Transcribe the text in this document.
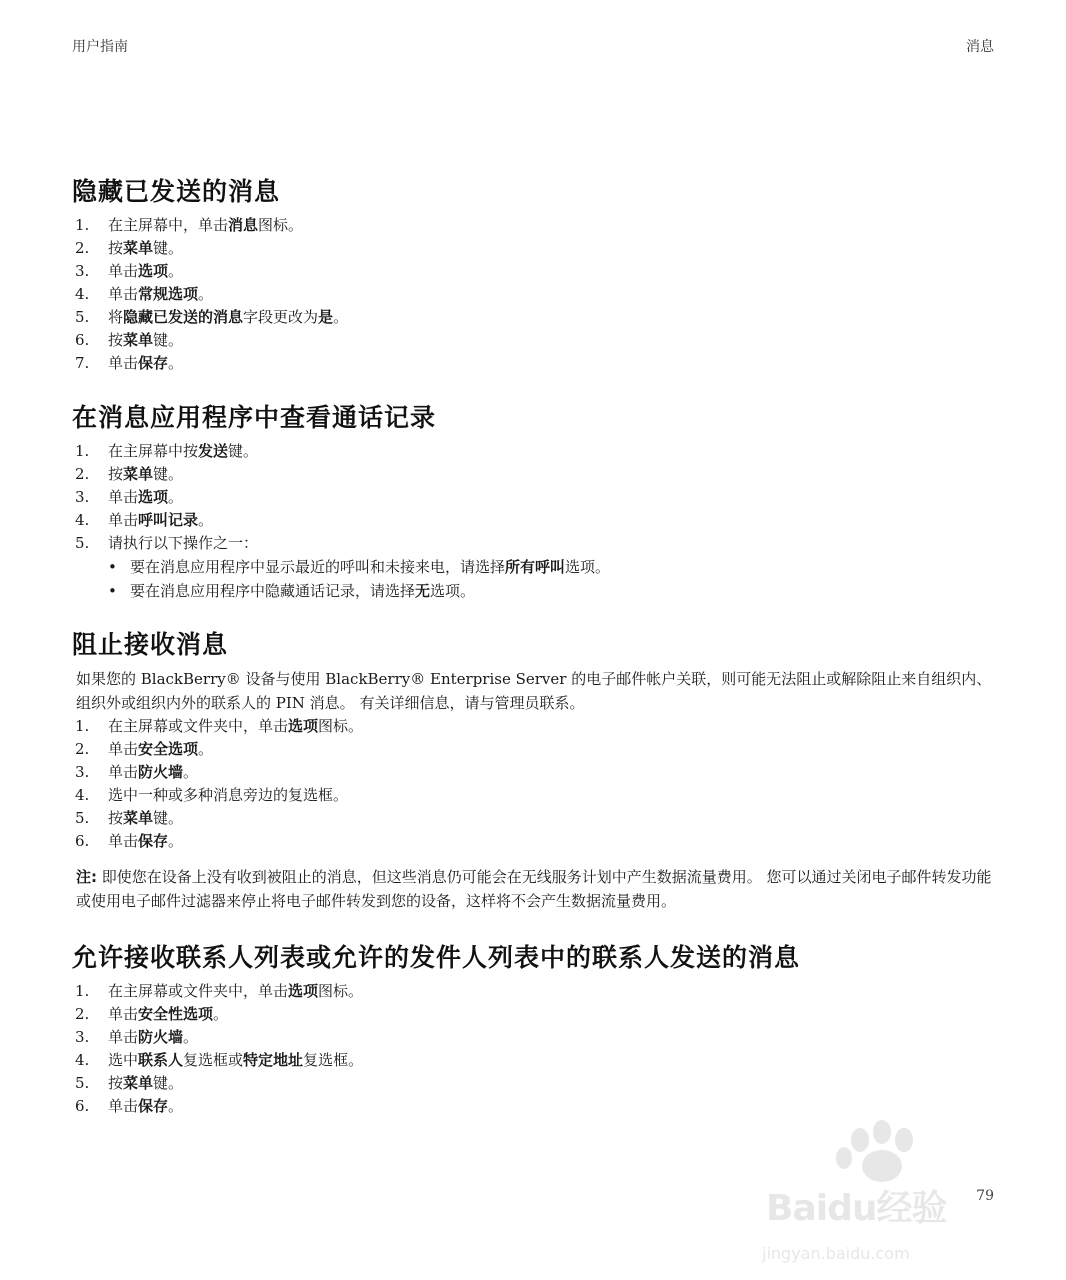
用户指南	消息
隐藏已发送的消息
1. 在主屏幕中，单击消息图标。
2. 按菜单键。
3. 单击选项。
4. 单击常规选项。
5. 将隐藏已发送的消息字段更改为是。
6. 按菜单键。
7. 单击保存。
在消息应用程序中查看通话记录
1. 在主屏幕中按发送键。
2. 按菜单键。
3. 单击选项。
4. 单击呼叫记录。
5. 请执行以下操作之一：
• 要在消息应用程序中显示最近的呼叫和未接来电，请选择所有呼叫选项。
• 要在消息应用程序中隐藏通话记录，请选择无选项。
阻止接收消息

如果您的 BlackBerry® 设备与使用 BlackBerry® Enterprise Server 的电子邮件帐户关联，则可能无法阻止或解除阻止来自组织内、组织外或组织内外的联系人的 PIN 消息。 有关详细信息，请与管理员联系。

1. 在主屏幕或文件夹中，单击选项图标。
2. 单击安全选项。
3. 单击防火墙。
4. 选中一种或多种消息旁边的复选框。
5. 按菜单键。
6. 单击保存。

注: 即使您在设备上没有收到被阻止的消息，但这些消息仍可能会在无线服务计划中产生数据流量费用。 您可以通过关闭电子邮件转发功能或使用电子邮件过滤器来停止将电子邮件转发到您的设备，这样将不会产生数据流量费用。

允许接收联系人列表或允许的发件人列表中的联系人发送的消息
1. 在主屏幕或文件夹中，单击选项图标。
2. 单击安全性选项。
3. 单击防火墙。
4. 选中联系人复选框或特定地址复选框。
5. 按菜单键。
6. 单击保存。
Baidu经验
jingyan.baidu.com
79
